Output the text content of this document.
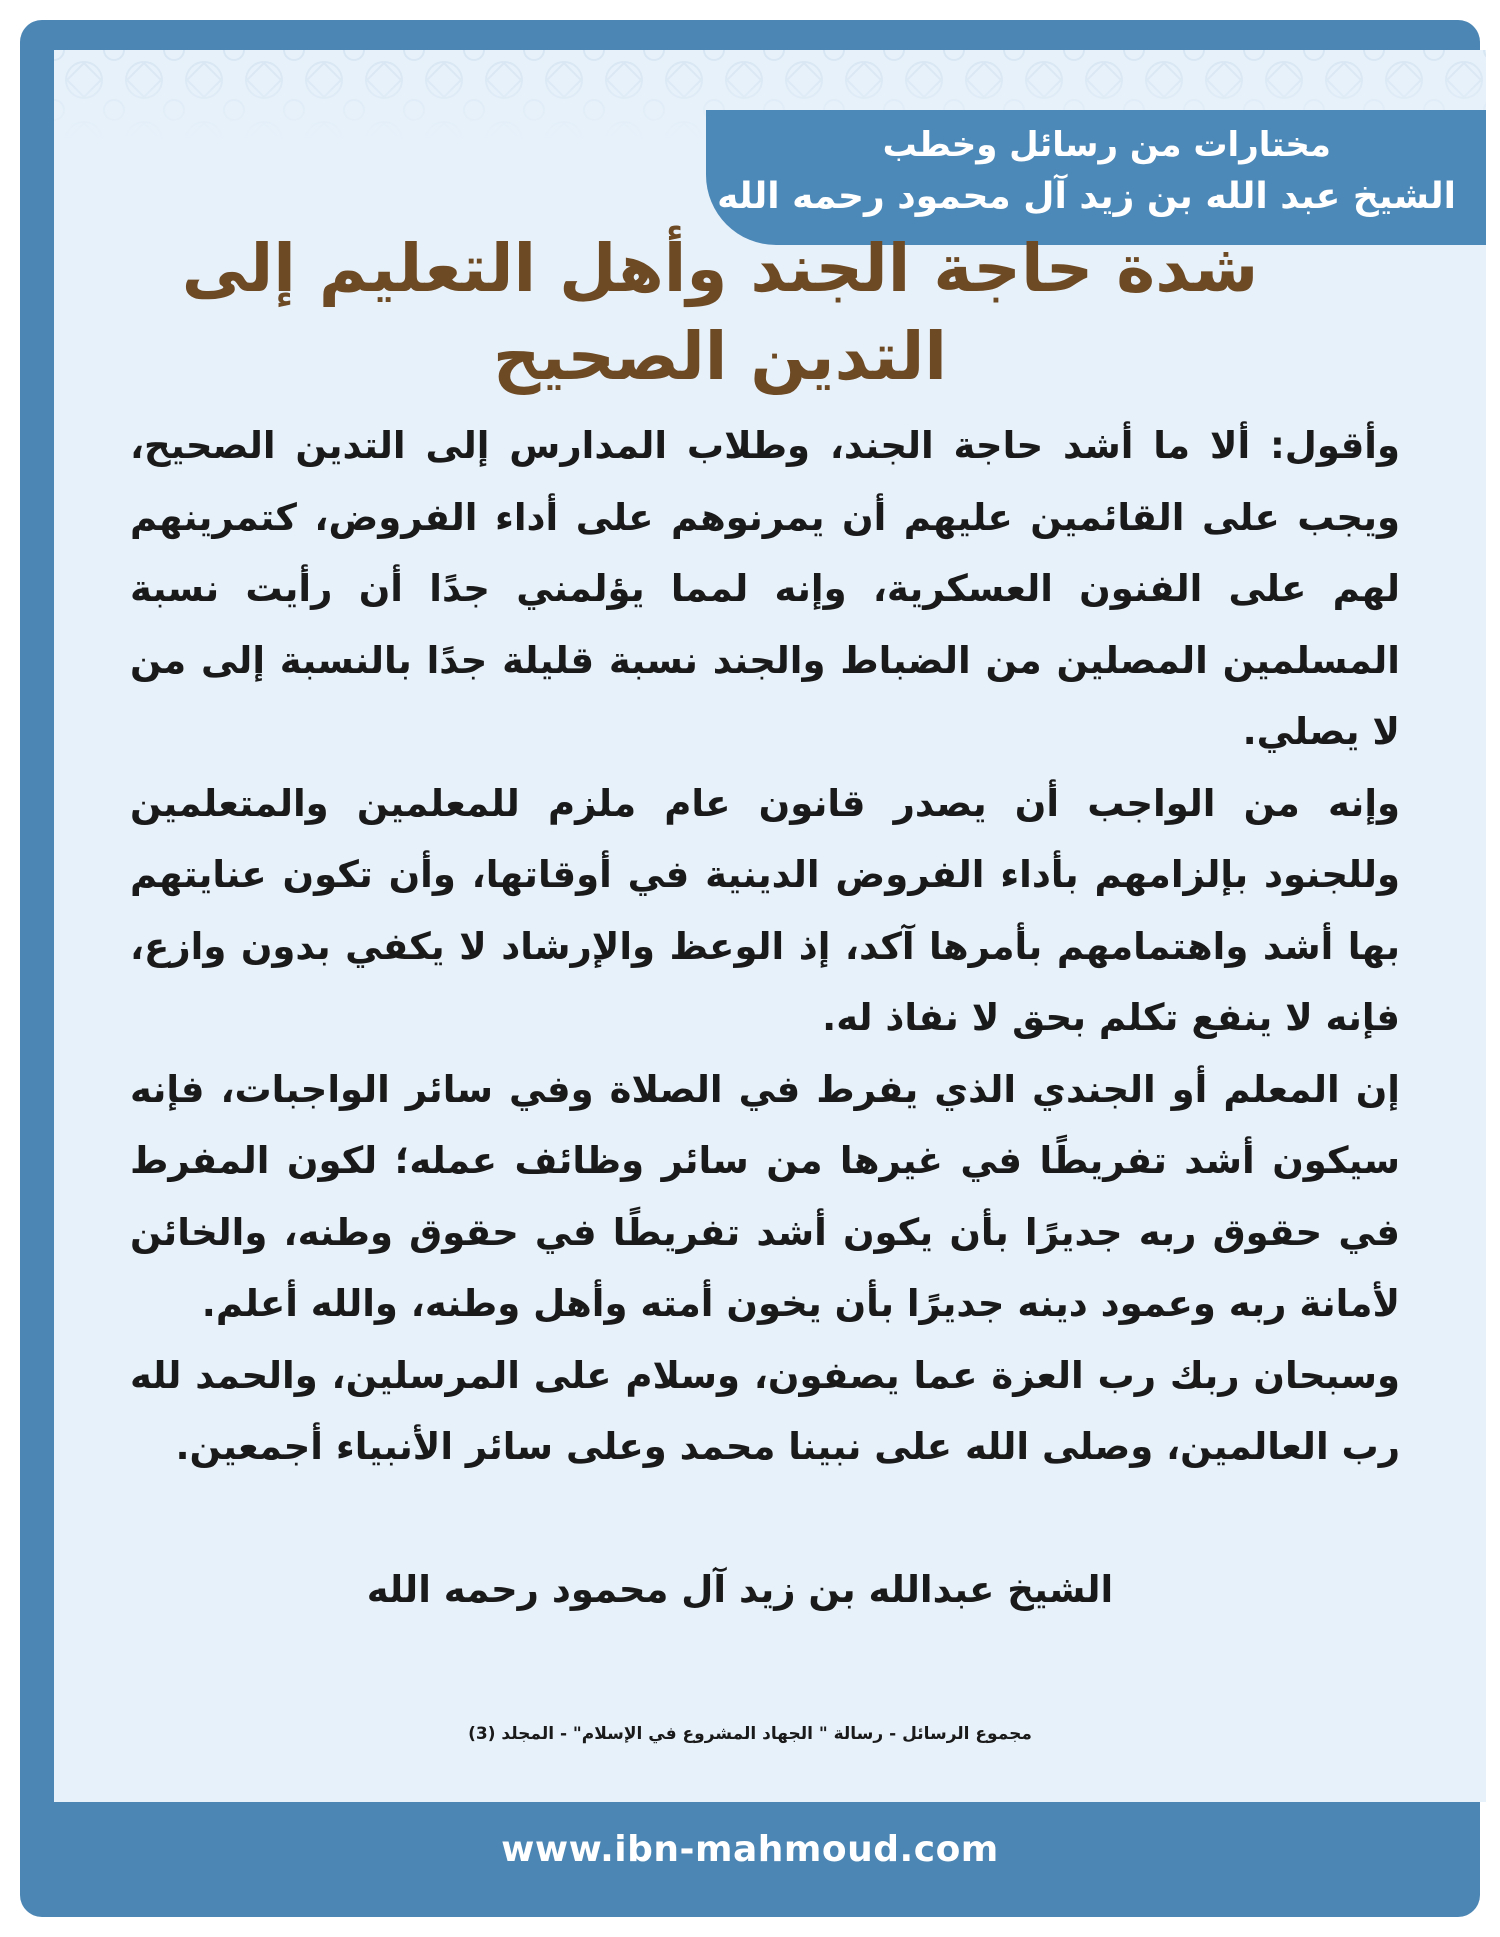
مختارات من رسائل وخطب
الشيخ عبد الله بن زيد آل محمود رحمه الله
شدة حاجة الجند وأهل التعليم إلى التدين الصحيح

وأقول: ألا ما أشد حاجة الجند، وطلاب المدارس إلى التدين الصحيح، ويجب على القائمين عليهم أن يمرنوهم على أداء الفروض، كتمرينهم لهم على الفنون العسكرية، وإنه لمما يؤلمني جدًا أن رأيت نسبة المسلمين المصلين من الضباط والجند نسبة قليلة جدًا بالنسبة إلى من لا يصلي.

وإنه من الواجب أن يصدر قانون عام ملزم للمعلمين والمتعلمين وللجنود بإلزامهم بأداء الفروض الدينية في أوقاتها، وأن تكون عنايتهم بها أشد واهتمامهم بأمرها آكد، إذ الوعظ والإرشاد لا يكفي بدون وازع، فإنه لا ينفع تكلم بحق لا نفاذ له.

إن المعلم أو الجندي الذي يفرط في الصلاة وفي سائر الواجبات، فإنه سيكون أشد تفريطًا في غيرها من سائر وظائف عمله؛ لكون المفرط في حقوق ربه جديرًا بأن يكون أشد تفريطًا في حقوق وطنه، والخائن لأمانة ربه وعمود دينه جديرًا بأن يخون أمته وأهل وطنه، والله أعلم.

وسبحان ربك رب العزة عما يصفون، وسلام على المرسلين، والحمد لله رب العالمين، وصلى الله على نبينا محمد وعلى سائر الأنبياء أجمعين.

الشيخ عبدالله بن زيد آل محمود رحمه الله
مجموع الرسائل - رسالة " الجهاد المشروع في الإسلام" - المجلد (3)
www.ibn-mahmoud.com
